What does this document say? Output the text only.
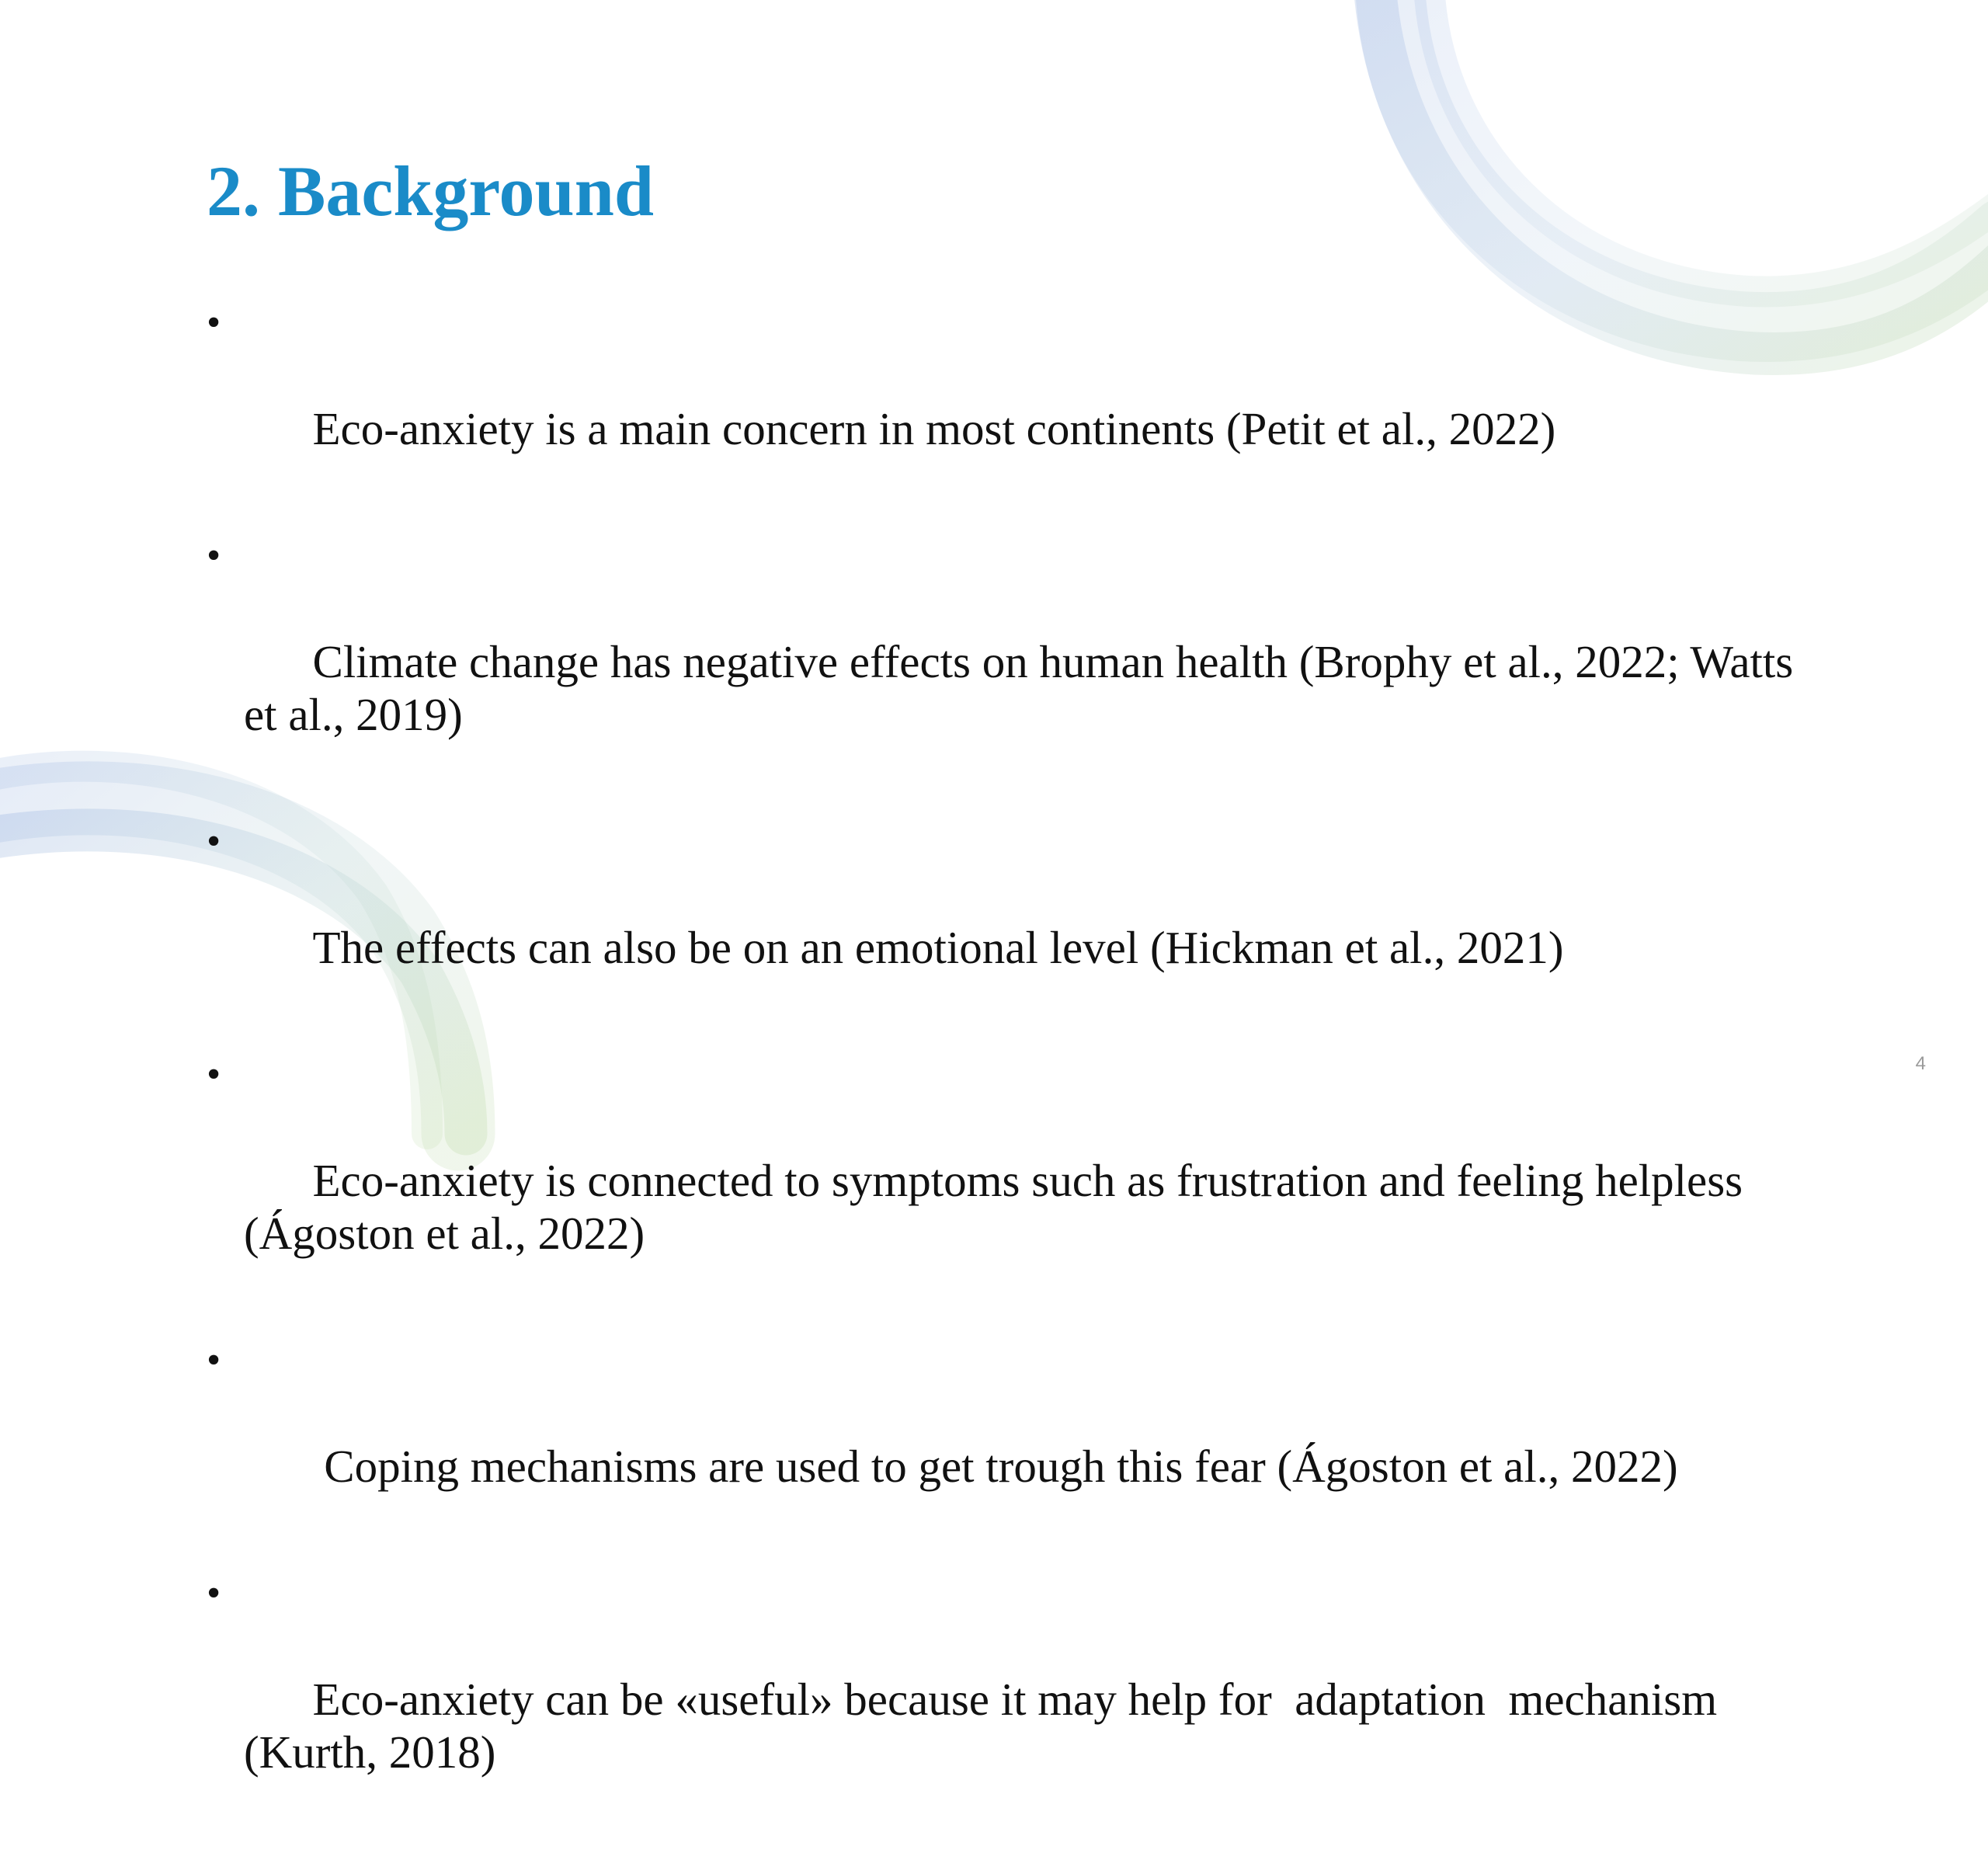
2. Background

•

Eco-anxiety is a main concern in most continents (Petit et al., 2022)

•

Climate change has negative effects on human health (Brophy et al., 2022; Watts et al., 2019)

•

The effects can also be on an emotional level (Hickman et al., 2021)

•

Eco-anxiety is connected to symptoms such as frustration and feeling helpless (Ágoston et al., 2022)

•

Coping mechanisms are used to get trough this fear (Ágoston et al., 2022)

•

Eco-anxiety can be «useful» because it may help for  adaptation  mechanism (Kurth, 2018)

4
